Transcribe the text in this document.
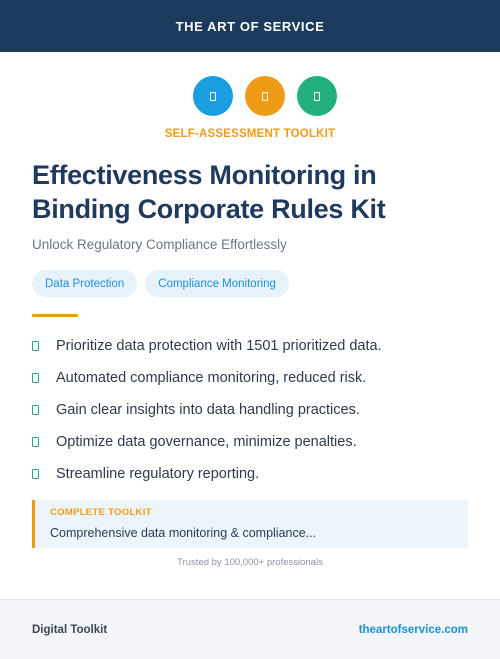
THE ART OF SERVICE
SELF-ASSESSMENT TOOLKIT
Effectiveness Monitoring in Binding Corporate Rules Kit
Unlock Regulatory Compliance Effortlessly
Data Protection	Compliance Monitoring
Prioritize data protection with 1501 prioritized data.
Automated compliance monitoring, reduced risk.
Gain clear insights into data handling practices.
Optimize data governance, minimize penalties.
Streamline regulatory reporting.
COMPLETE TOOLKIT
Comprehensive data monitoring & compliance...
Trusted by 100,000+ professionals
Digital Toolkit	theartofservice.com
